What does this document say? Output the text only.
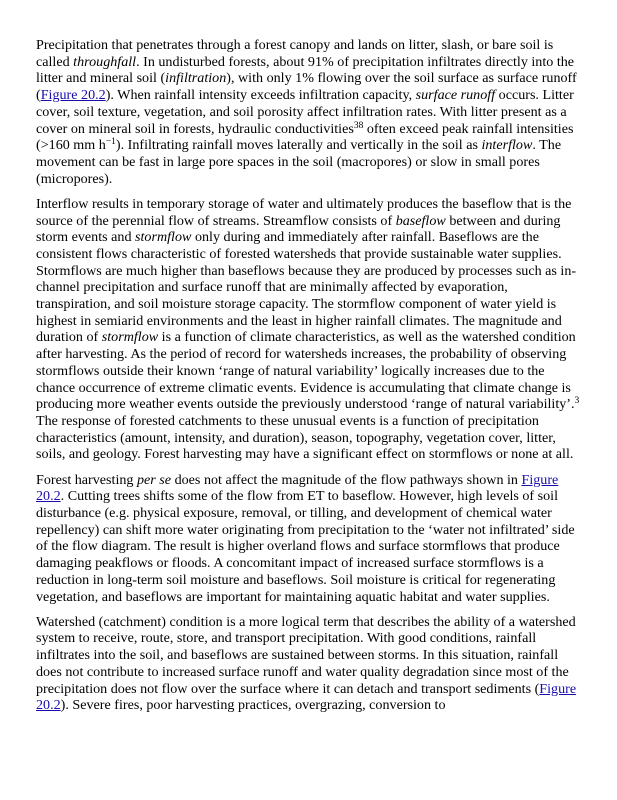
Precipitation that penetrates through a forest canopy and lands on litter, slash, or bare soil is called throughfall. In undisturbed forests, about 91% of precipitation infiltrates directly into the litter and mineral soil (infiltration), with only 1% flowing over the soil surface as surface runoff (Figure 20.2). When rainfall intensity exceeds infiltration capacity, surface runoff occurs. Litter cover, soil texture, vegetation, and soil porosity affect infiltration rates. With litter present as a cover on mineral soil in forests, hydraulic conductivities$^{38}$ often exceed peak rainfall intensities (>160 mm $h^{-1}$). Infiltrating rainfall moves laterally and vertically in the soil as interflow. The movement can be fast in large pore spaces in the soil (macropores) or slow in small pores (micropores).

Interflow results in temporary storage of water and ultimately produces the baseflow that is the source of the perennial flow of streams. Streamflow consists of baseflow between and during storm events and stormflow only during and immediately after rainfall. Baseflows are the consistent flows characteristic of forested watersheds that provide sustainable water supplies. Stormflows are much higher than baseflows because they are produced by processes such as in-channel precipitation and surface runoff that are minimally affected by evaporation, transpiration, and soil moisture storage capacity. The stormflow component of water yield is highest in semiarid environments and the least in higher rainfall climates. The magnitude and duration of stormflow is a function of climate characteristics, as well as the watershed condition after harvesting. As the period of record for watersheds increases, the probability of observing stormflows outside their known ‘range of natural variability’ logically increases due to the chance occurrence of extreme climatic events. Evidence is accumulating that climate change is producing more weather events outside the previously understood ‘range of natural variability’.$^3$ The response of forested catchments to these unusual events is a function of precipitation characteristics (amount, intensity, and duration), season, topography, vegetation cover, litter, soils, and geology. Forest harvesting may have a significant effect on stormflows or none at all.

Forest harvesting per se does not affect the magnitude of the flow pathways shown in Figure 20.2. Cutting trees shifts some of the flow from ET to baseflow. However, high levels of soil disturbance (e.g. physical exposure, removal, or tilling, and development of chemical water repellency) can shift more water originating from precipitation to the ‘water not infiltrated’ side of the flow diagram. The result is higher overland flows and surface stormflows that produce damaging peakflows or floods. A concomitant impact of increased surface stormflows is a reduction in long-term soil moisture and baseflows. Soil moisture is critical for regenerating vegetation, and baseflows are important for maintaining aquatic habitat and water supplies.

Watershed (catchment) condition is a more logical term that describes the ability of a watershed system to receive, route, store, and transport precipitation. With good conditions, rainfall infiltrates into the soil, and baseflows are sustained between storms. In this situation, rainfall does not contribute to increased surface runoff and water quality degradation since most of the precipitation does not flow over the surface where it can detach and transport sediments (Figure 20.2). Severe fires, poor harvesting practices, overgrazing, conversion to
